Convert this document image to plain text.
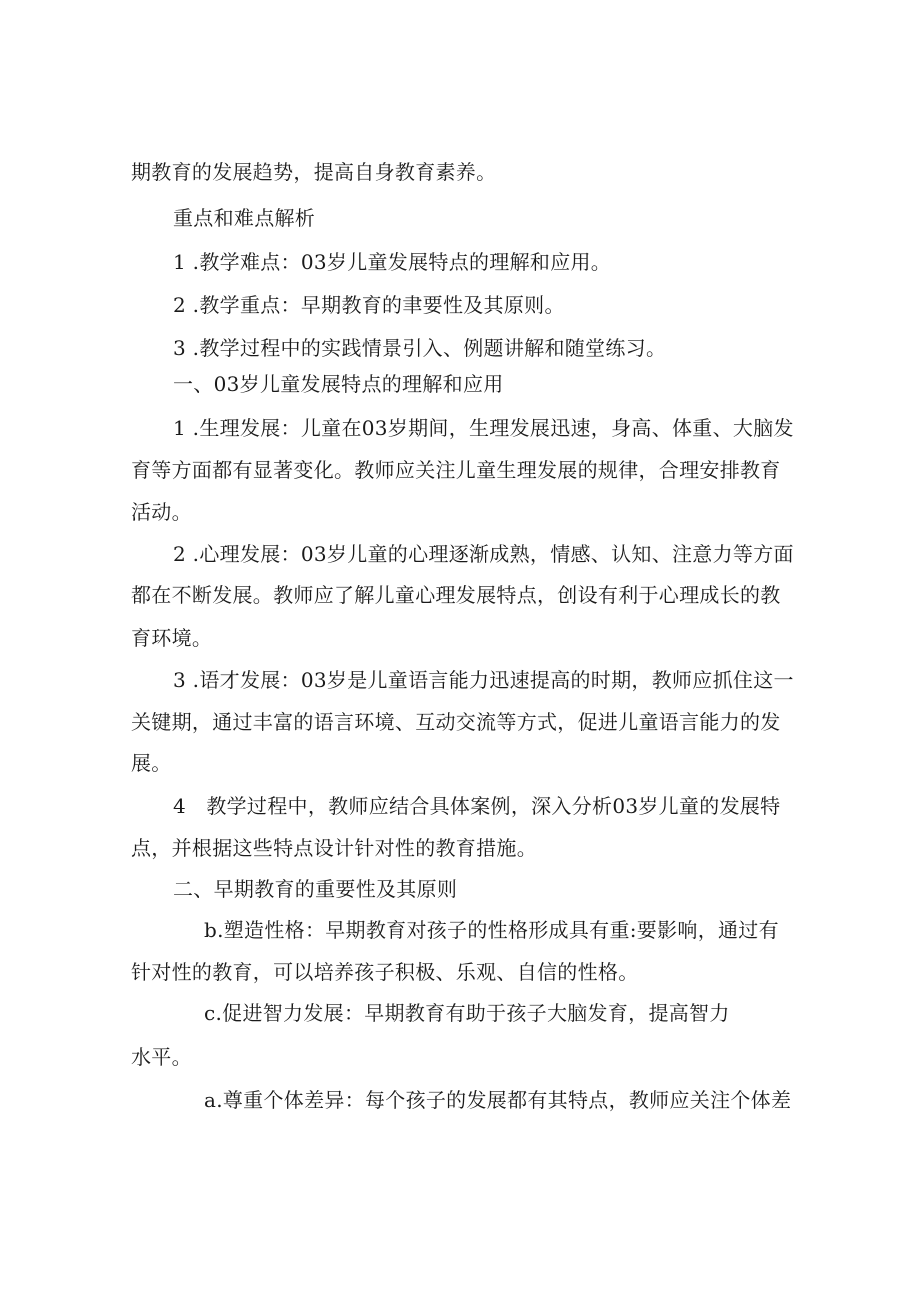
期教育的发展趋势，提高自身教育素养。
重点和难点解析
1 .教学难点：03岁儿童发展特点的理解和应用。
2 .教学重点：早期教育的聿要性及其原则。
3 .教学过程中的实践情景引入、例题讲解和随堂练习。
一、03岁儿童发展特点的理解和应用
1 .生理发展：儿童在03岁期间，生理发展迅速，身高、体重、大脑发
育等方面都有显著变化。教师应关注儿童生理发展的规律，合理安排教育
活动。
2 .心理发展：03岁儿童的心理逐渐成熟，情感、认知、注意力等方面
都在不断发展。教师应了解儿童心理发展特点，创设有利于心理成长的教
育环境。
3 .语才发展：03岁是儿童语言能力迅速提高的时期，教师应抓住这一
关键期，通过丰富的语言环境、互动交流等方式，促进儿童语言能力的发
展。
4　教学过程中，教师应结合具体案例，深入分析03岁儿童的发展特
点，并根据这些特点设计针对性的教育措施。
二、早期教育的重要性及其原则
b.塑造性格：早期教育对孩子的性格形成具有重:要影响，通过有
针对性的教育，可以培养孩子积极、乐观、自信的性格。
c.促进智力发展：早期教育有助于孩子大脑发育，提高智力
水平。
a.尊重个体差异：每个孩子的发展都有其特点，教师应关注个体差
